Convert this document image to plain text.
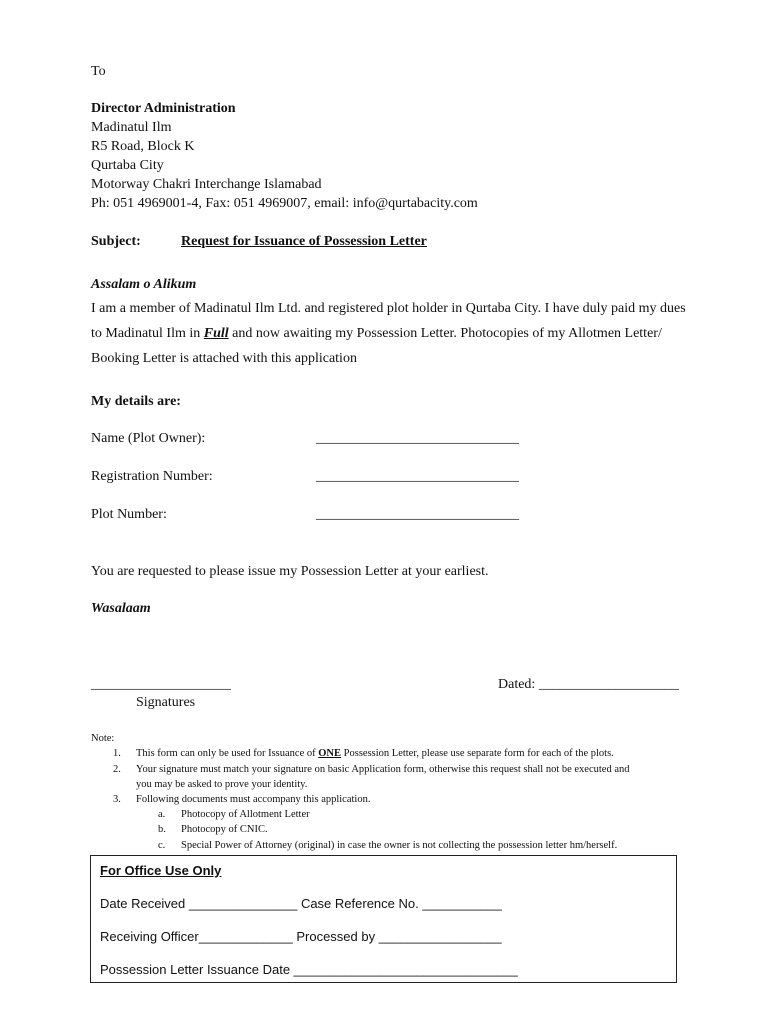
To
Director Administration
Madinatul Ilm
R5 Road, Block K
Qurtaba City
Motorway Chakri Interchange Islamabad
Ph: 051 4969001-4, Fax: 051 4969007, email: info@qurtabacity.com
Subject:	Request for Issuance of Possession Letter
Assalam o Alikum
I am a member of Madinatul Ilm Ltd. and registered plot holder in Qurtaba City. I have duly paid my dues
to Madinatul Ilm in Full and now awaiting my Possession Letter. Photocopies of my Allotmen Letter/
Booking Letter is attached with this application
My details are:
Name (Plot Owner):	_____________________________
Registration Number:	_____________________________
Plot Number:	_____________________________
You are requested to please issue my Possession Letter at your earliest.
Wasalaam
____________________
Signatures
Dated: ____________________
Note:
1. This form can only be used for Issuance of ONE Possession Letter, please use separate form for each of the plots.
2. Your signature must match your signature on basic Application form, otherwise this request shall not be executed and
you may be asked to prove your identity.
3. Following documents must accompany this application.
a. Photocopy of Allotment Letter
b. Photocopy of CNIC.
c. Special Power of Attorney (original) in case the owner is not collecting the possession letter hm/herself.
For Office Use Only
Date Received _______________ Case Reference No. ___________
Receiving Officer_____________ Processed by _________________
Possession Letter Issuance Date _______________________________
